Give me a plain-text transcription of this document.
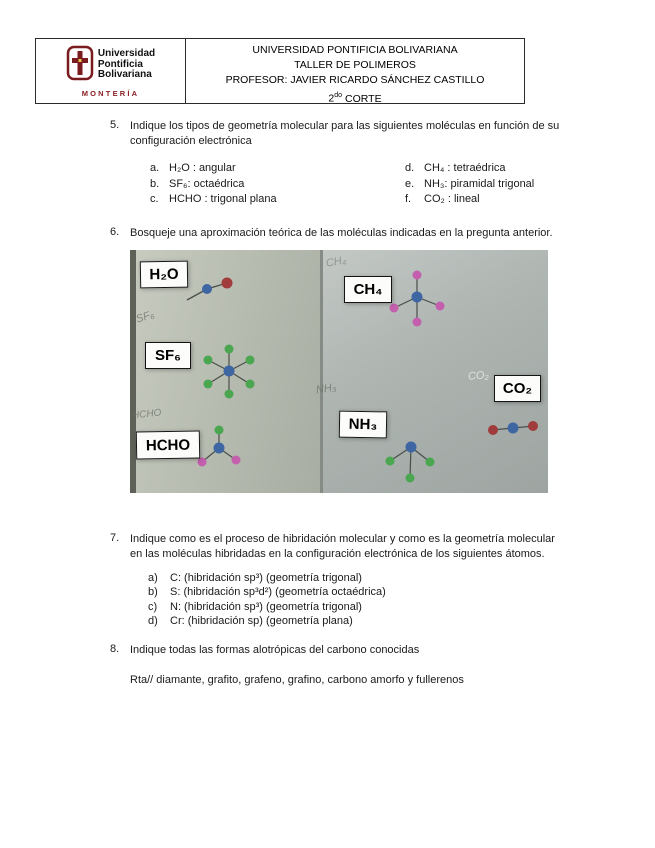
Universidad
Pontificia
Bolivariana
MONTERÍA
UNIVERSIDAD PONTIFICIA BOLIVARIANA
TALLER DE POLIMEROS
PROFESOR: JAVIER RICARDO SÁNCHEZ CASTILLO
$2^{do}$ CORTE
5. Indique los tipos de geometría molecular para las siguientes moléculas en función de su configuración electrónica
a. H₂O : angular
b. SF₆: octaédrica
c. HCHO : trigonal plana
d. CH₄ : tetraédrica
e. NH₃: piramidal trigonal
f.	CO₂ : lineal
6. Bosqueje una aproximación teórica de las moléculas indicadas en la pregunta anterior.
SF₆
HCHO
CH₄
NH₃
CO₂
H₂O
SF₆
HCHO
CH₄
NH₃
CO₂
7. Indique como es el proceso de hibridación molecular y como es la geometría molecular en las moléculas hibridadas en la configuración electrónica de los siguientes átomos.
a)	C: (hibridación sp³) (geometría trigonal)
b)	S: (hibridación sp³d²) (geometría octaédrica)
c)	N: (hibridación sp³) (geometría trigonal)
d)	Cr: (hibridación sp) (geometría plana)
8. Indique todas las formas alotrópicas del carbono conocidas
Rta// diamante, grafito, grafeno, grafino, carbono amorfo y fullerenos
